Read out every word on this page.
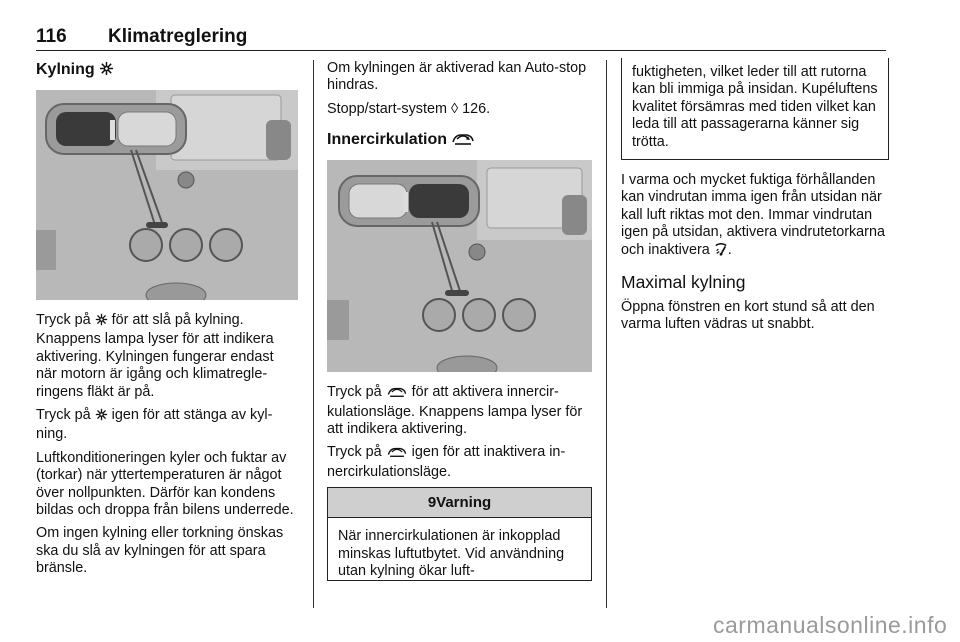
116 Klimatreglering
Kylning

Tryck på för att slå på kylning. Knappens lampa lyser för att indikera aktivering. Kylningen fungerar endast när motorn är igång och klimatregleringens fläkt är på.

Tryck på igen för att stänga av kylning.

Luftkonditioneringen kyler och fuktar av (torkar) när yttertemperaturen är något över nollpunkten. Därför kan kondens bildas och droppa från bilens underrede.

Om ingen kylning eller torkning önskas ska du slå av kylningen för att spara bränsle.

Om kylningen är aktiverad kan Auto-stop hindras.

Stopp/start-system ◊ 126.

Innercirkulation

Tryck på för att aktivera innercirkulationsläge. Knappens lampa lyser för att indikera aktivering.

Tryck på igen för att inaktivera innercirkulationsläge.

9Varning

När innercirkulationen är inkopplad minskas luftutbytet. Vid användning utan kylning ökar luft-

fuktigheten, vilket leder till att rutorna kan bli immiga på insidan. Kupéluftens kvalitet försämras med tiden vilket kan leda till att passagerarna känner sig trötta.

I varma och mycket fuktiga förhållanden kan vindrutan imma igen från utsidan när kall luft riktas mot den. Immar vindrutan igen på utsidan, aktivera vindrutetorkarna och inaktivera .

Maximal kylning

Öppna fönstren en kort stund så att den varma luften vädras ut snabbt.

carmanualsonline.info
